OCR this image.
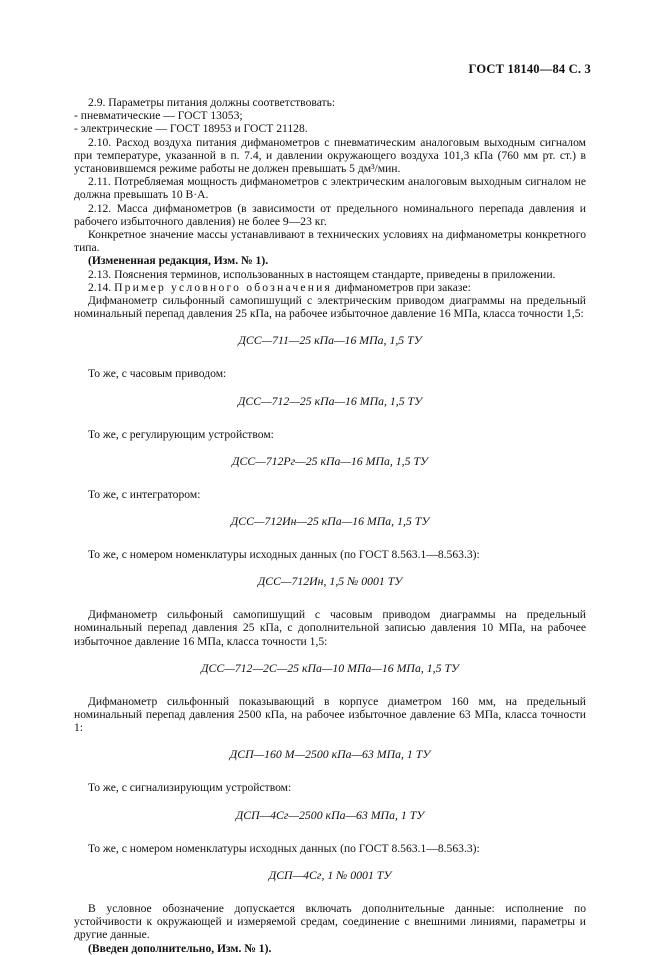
ГОСТ 18140—84 С. 3

2.9. Параметры питания должны соответствовать:

- пневматические — ГОСТ 13053;

- электрические — ГОСТ 18953 и ГОСТ 21128.

2.10. Расход воздуха питания дифманометров с пневматическим аналоговым выходным сигналом при температуре, указанной в п. 7.4, и давлении окружающего воздуха 101,3 кПа (760 мм рт. ст.) в установившемся режиме работы не должен превышать 5 дм³/мин.

2.11. Потребляемая мощность дифманометров с электрическим аналоговым выходным сигналом не должна превышать 10 В·А.

2.12. Масса дифманометров (в зависимости от предельного номинального перепада давления и рабочего избыточного давления) не более 9—23 кг.

Конкретное значение массы устанавливают в технических условиях на дифманометры конкретного типа.

(Измененная редакция, Изм. № 1).

2.13. Пояснения терминов, использованных в настоящем стандарте, приведены в приложении.

2.14. Пример условного обозначения дифманометров при заказе:

Дифманометр сильфонный самопишущий с электрическим приводом диаграммы на предельный номинальный перепад давления 25 кПа, на рабочее избыточное давление 16 МПа, класса точности 1,5:

ДСС—711—25 кПа—16 МПа, 1,5 ТУ

То же, с часовым приводом:

ДСС—712—25 кПа—16 МПа, 1,5 ТУ

То же, с регулирующим устройством:

ДСС—712Рг—25 кПа—16 МПа, 1,5 ТУ

То же, с интегратором:

ДСС—712Ин—25 кПа—16 МПа, 1,5 ТУ

То же, с номером номенклатуры исходных данных (по ГОСТ 8.563.1—8.563.3):

ДСС—712Ин, 1,5 № 0001 ТУ

Дифманометр сильфоный самопишущий с часовым приводом диаграммы на предельный номинальный перепад давления 25 кПа, с дополнительной записью давления 10 МПа, на рабочее избыточное давление 16 МПа, класса точности 1,5:

ДСС—712—2С—25 кПа—10 МПа—16 МПа, 1,5 ТУ

Дифманометр сильфонный показывающий в корпусе диаметром 160 мм, на предельный номинальный перепад давления 2500 кПа, на рабочее избыточное давление 63 МПа, класса точности 1:

ДСП—160 М—2500 кПа—63 МПа, 1 ТУ

То же, с сигнализирующим устройством:

ДСП—4Сг—2500 кПа—63 МПа, 1 ТУ

То же, с номером номенклатуры исходных данных (по ГОСТ 8.563.1—8.563.3):

ДСП—4Сг, 1 № 0001 ТУ

В условное обозначение допускается включать дополнительные данные: исполнение по устойчивости к окружающей и измеряемой средам, соединение с внешними линиями, параметры и другие данные.

(Введен дополнительно, Изм. № 1).
